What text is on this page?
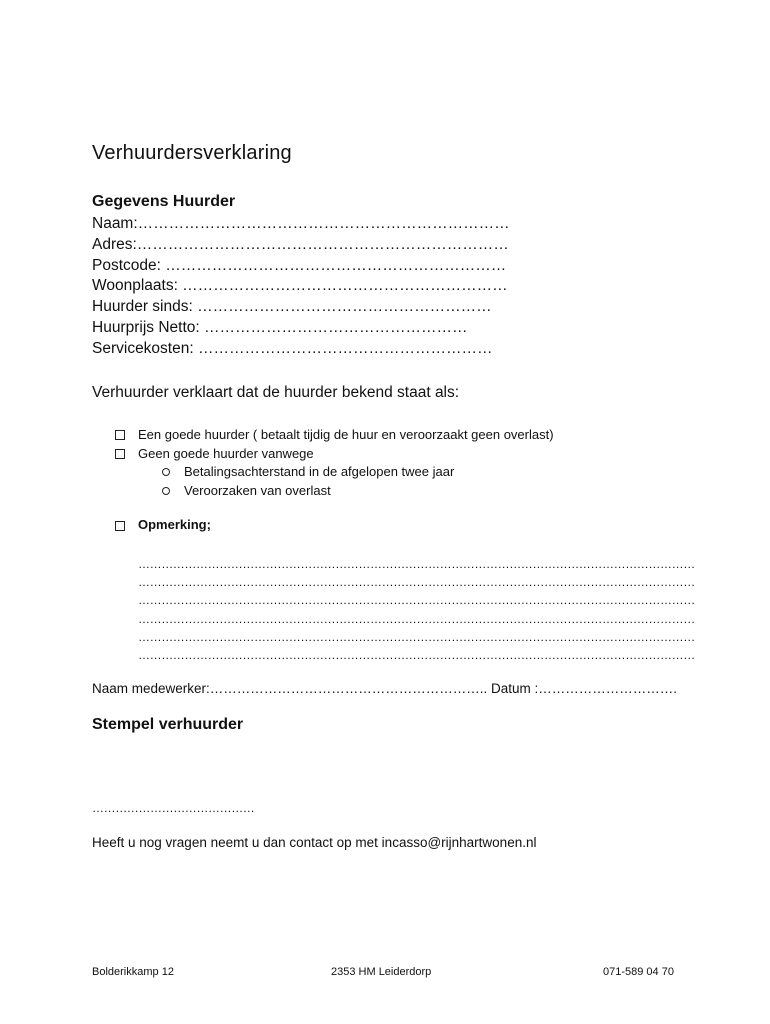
Verhuurdersverklaring
Gegevens Huurder
Naam:………………………………………………………………
Adres:………………………………………………………………
Postcode: …………………………………………………………
Woonplaats: ………………………………………………………
Huurder sinds: …………………………………………………
Huurprijs Netto: ……………………………………………
Servicekosten: …………………………………………………
Verhuurder verklaart dat de huurder bekend staat als:
Een goede huurder ( betaalt tijdig de huur en veroorzaakt geen overlast)
Geen goede huurder vanwege
Betalingsachterstand in de afgelopen twee jaar
Veroorzaken van overlast
Opmerking;
………………………………………………………………………………………………………………………………
………………………………………………………………………………………………………………………………
………………………………………………………………………………………………………………………………
………………………………………………………………………………………………………………………………
………………………………………………………………………………………………………………………………
………………………………………………………………………………………………………………………………
Naam medewerker:…………………………………………………….. Datum :………………………….
Stempel verhuurder
……………………………………
Heeft u nog vragen neemt u dan contact op met incasso@rijnhartwonen.nl
Bolderikkamp 12	2353 HM Leiderdorp	071-589 04 70
